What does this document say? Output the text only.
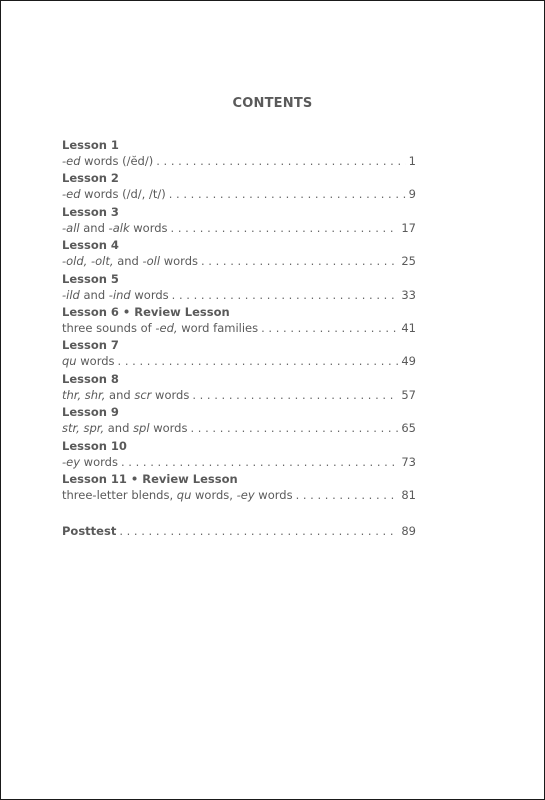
CONTENTS
Lesson 1
-ed words (/ĕd/) . . .	1
Lesson 2
-ed words (/d/, /t/) . . .	9
Lesson 3
-all and -alk words . . .	17
Lesson 4
-old, -olt, and -oll words . . .	25
Lesson 5
-ild and -ind words . . .	33
Lesson 6 • Review Lesson
three sounds of -ed, word families . . .	41
Lesson 7
qu words . . .	49
Lesson 8
thr, shr, and scr words . . .	57
Lesson 9
str, spr, and spl words . . .	65
Lesson 10
-ey words . . .	73
Lesson 11 • Review Lesson
three-letter blends, qu words, -ey words . . .	81
Posttest . . .	89
